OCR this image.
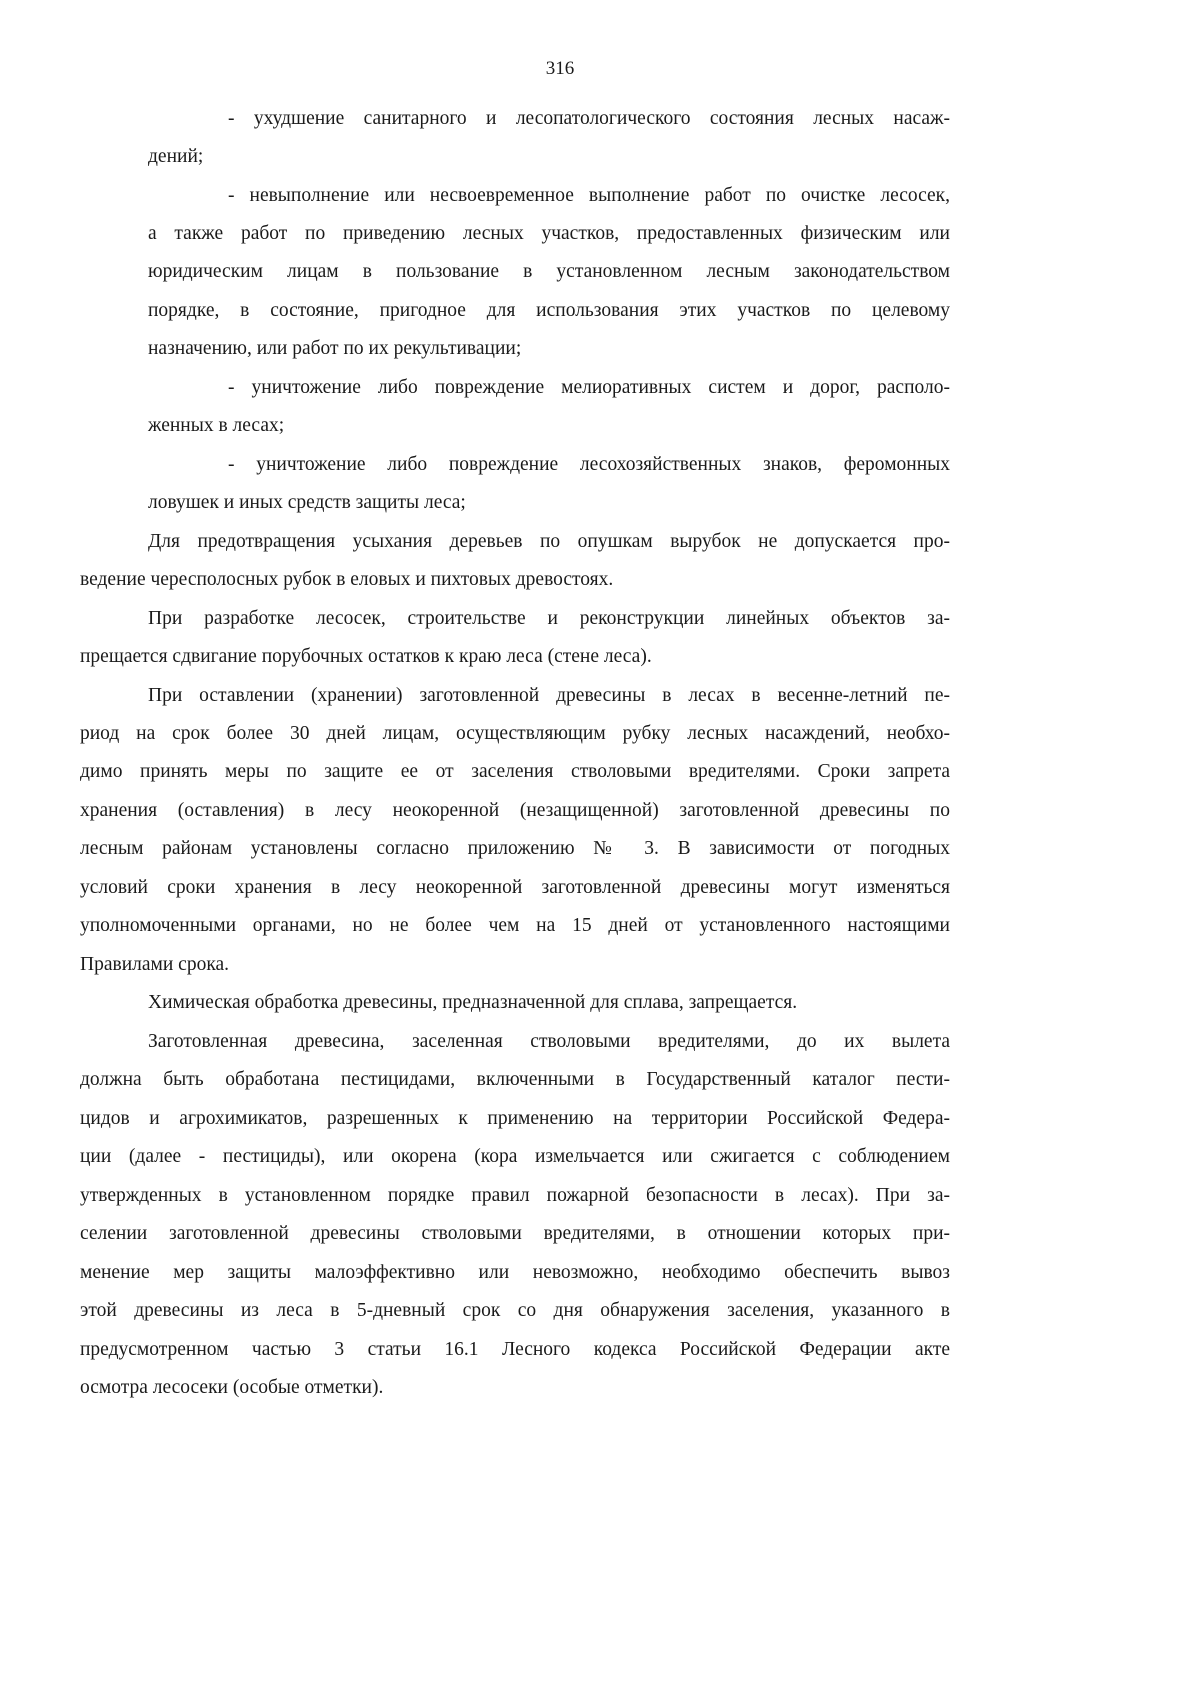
316
- ухудшение санитарного и лесопатологического состояния лесных насаж-
дений;
- невыполнение или несвоевременное выполнение работ по очистке лесосек,
а также работ по приведению лесных участков, предоставленных физическим или
юридическим лицам в пользование в установленном лесным законодательством
порядке, в состояние, пригодное для использования этих участков по целевому
назначению, или работ по их рекультивации;
- уничтожение либо повреждение мелиоративных систем и дорог, располо-
женных в лесах;
- уничтожение либо повреждение лесохозяйственных знаков, феромонных
ловушек и иных средств защиты леса;
Для предотвращения усыхания деревьев по опушкам вырубок не допускается про-
ведение чересполосных рубок в еловых и пихтовых древостоях.
При разработке лесосек, строительстве и реконструкции линейных объектов за-
прещается сдвигание порубочных остатков к краю леса (стене леса).
При оставлении (хранении) заготовленной древесины в лесах в весенне-летний пе-
риод на срок более 30 дней лицам, осуществляющим рубку лесных насаждений, необхо-
димо принять меры по защите ее от заселения стволовыми вредителями. Сроки запрета
хранения (оставления) в лесу неокоренной (незащищенной) заготовленной древесины по
лесным районам установлены согласно приложению № 3. В зависимости от погодных
условий сроки хранения в лесу неокоренной заготовленной древесины могут изменяться
уполномоченными органами, но не более чем на 15 дней от установленного настоящими
Правилами срока.
Химическая обработка древесины, предназначенной для сплава, запрещается.
Заготовленная древесина, заселенная стволовыми вредителями, до их вылета
должна быть обработана пестицидами, включенными в Государственный каталог пести-
цидов и агрохимикатов, разрешенных к применению на территории Российской Федера-
ции (далее - пестициды), или окорена (кора измельчается или сжигается с соблюдением
утвержденных в установленном порядке правил пожарной безопасности в лесах). При за-
селении заготовленной древесины стволовыми вредителями, в отношении которых при-
менение мер защиты малоэффективно или невозможно, необходимо обеспечить вывоз
этой древесины из леса в 5-дневный срок со дня обнаружения заселения, указанного в
предусмотренном частью 3 статьи 16.1 Лесного кодекса Российской Федерации акте
осмотра лесосеки (особые отметки).
